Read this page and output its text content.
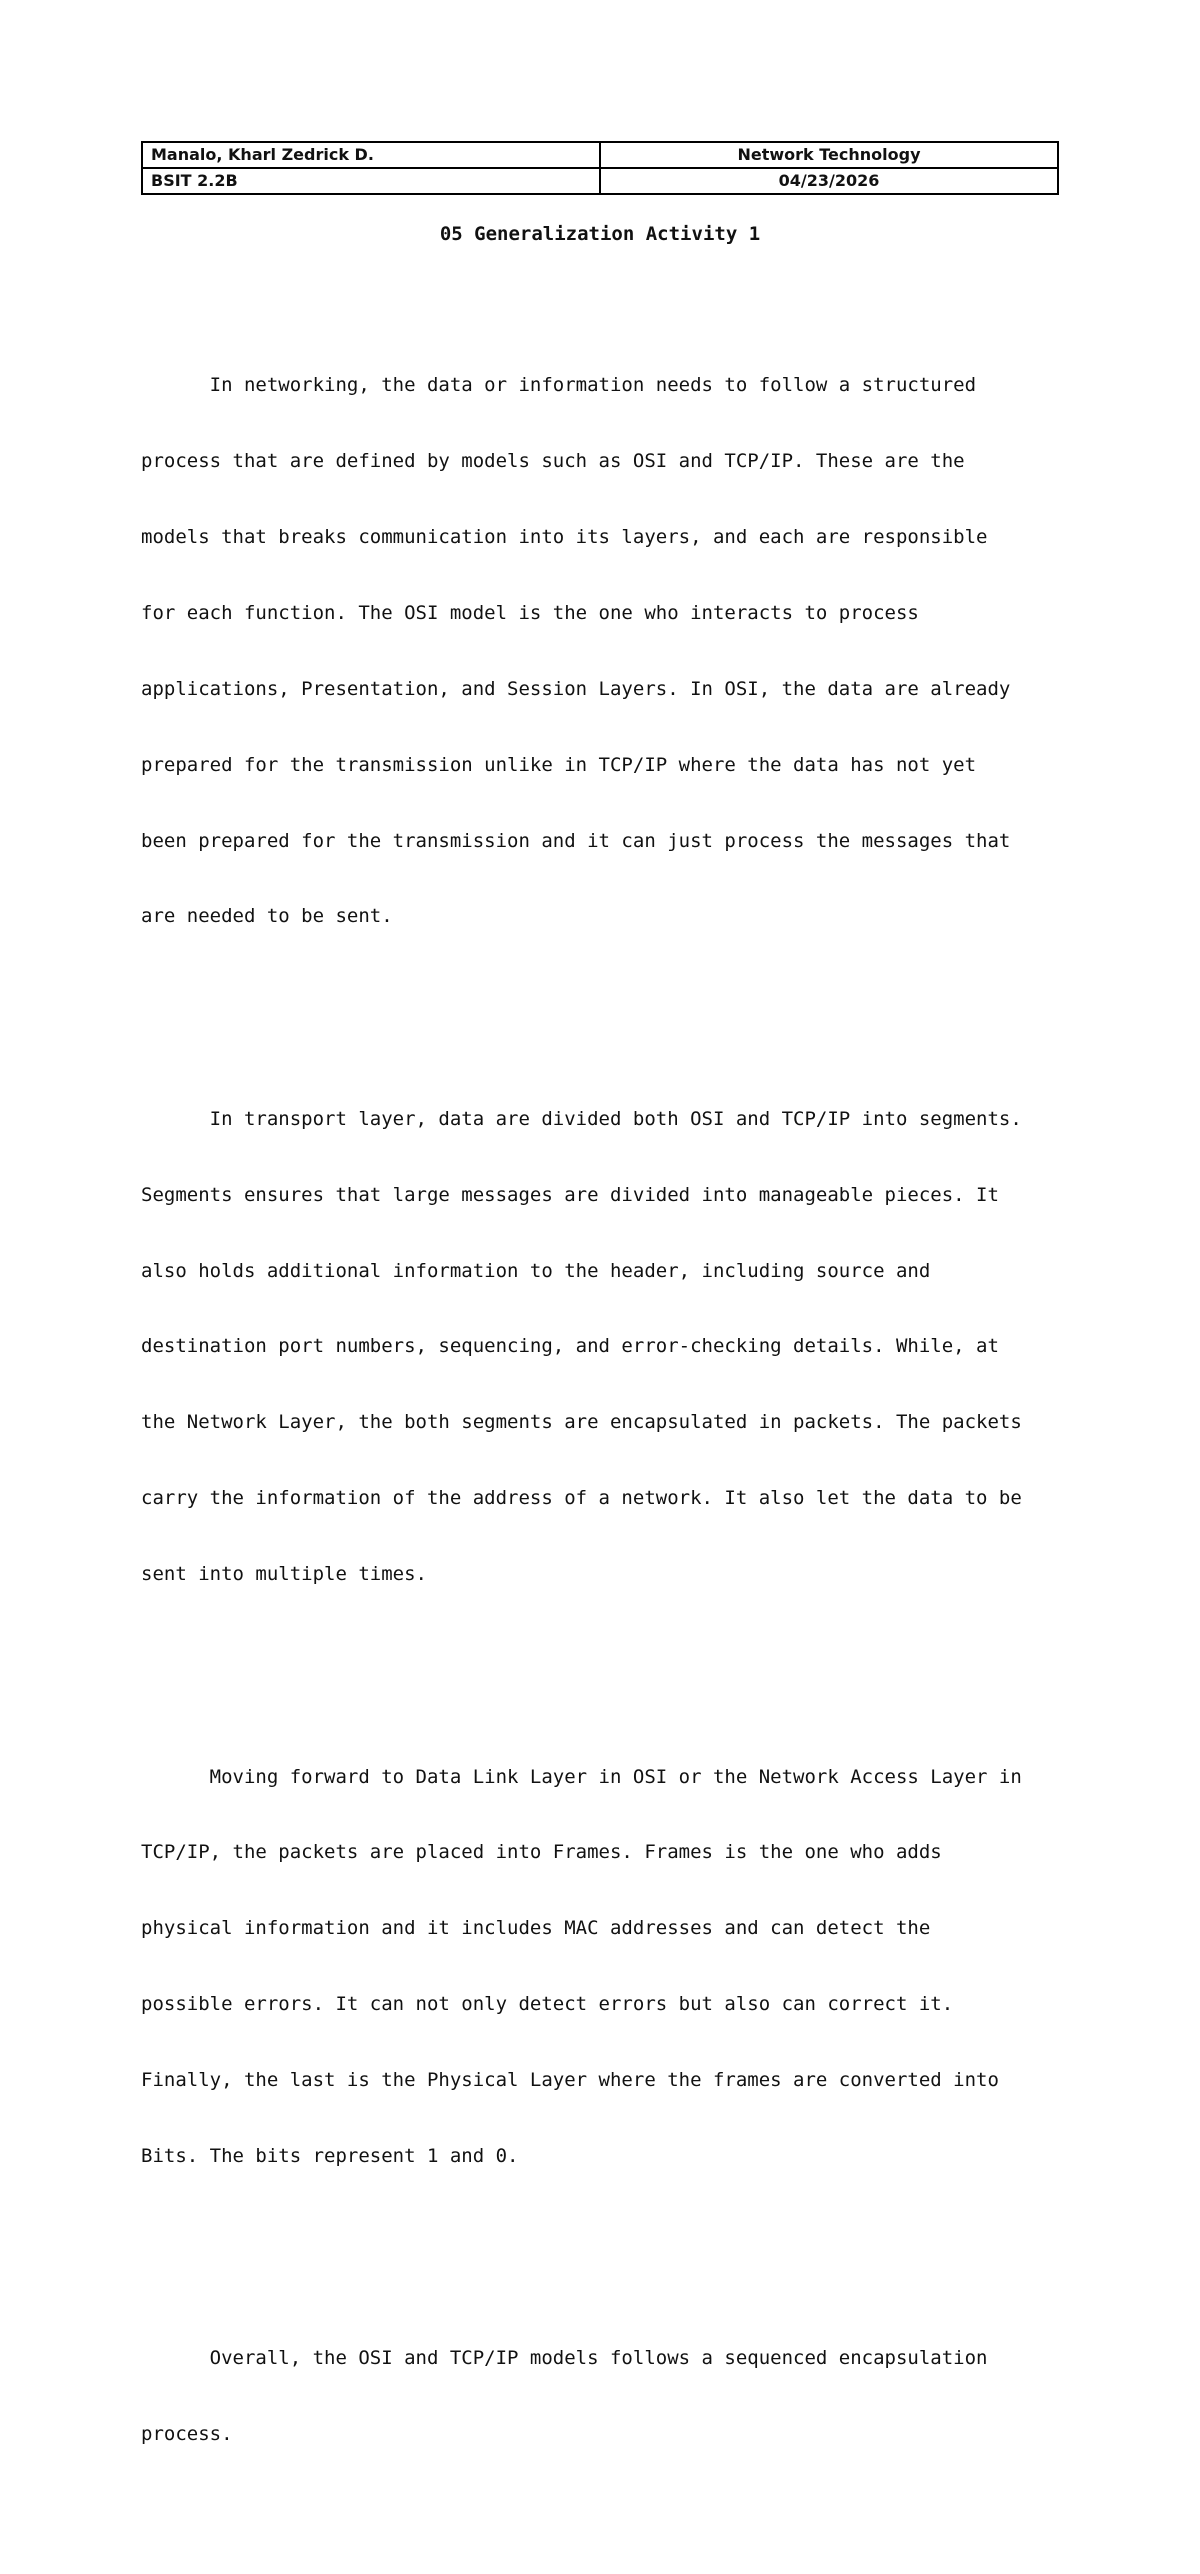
Manalo, Kharl Zedrick D.	Network Technology
BSIT 2.2B	04/23/2026
05 Generalization Activity 1

In networking, the data or information needs to follow a structured

process that are defined by models such as OSI and TCP/IP. These are the

models that breaks communication into its layers, and each are responsible

for each function. The OSI model is the one who interacts to process

applications, Presentation, and Session Layers. In OSI, the data are already

prepared for the transmission unlike in TCP/IP where the data has not yet

been prepared for the transmission and it can just process the messages that

are needed to be sent.

In transport layer, data are divided both OSI and TCP/IP into segments.

Segments ensures that large messages are divided into manageable pieces. It

also holds additional information to the header, including source and

destination port numbers, sequencing, and error-checking details. While, at

the Network Layer, the both segments are encapsulated in packets. The packets

carry the information of the address of a network. It also let the data to be

sent into multiple times.

Moving forward to Data Link Layer in OSI or the Network Access Layer in

TCP/IP, the packets are placed into Frames. Frames is the one who adds

physical information and it includes MAC addresses and can detect the

possible errors. It can not only detect errors but also can correct it.

Finally, the last is the Physical Layer where the frames are converted into

Bits. The bits represent 1 and 0.

Overall, the OSI and TCP/IP models follows a sequenced encapsulation

process.
